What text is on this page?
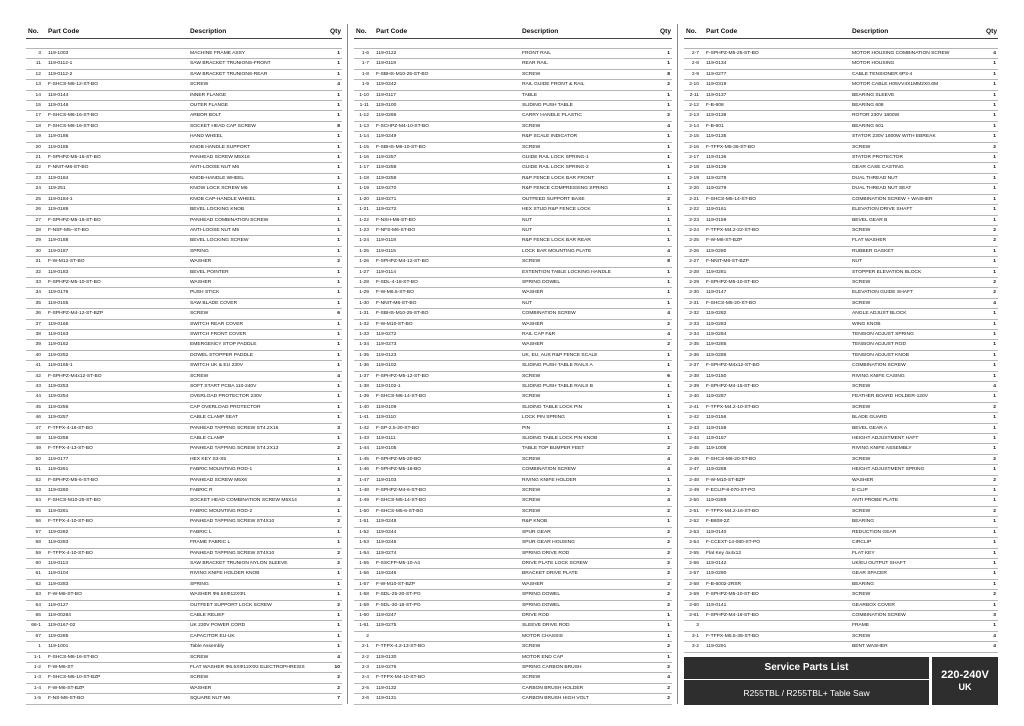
No.	Part Code	Description	Qty

3	119-1003	MACHINE FRAME ASSY	1
11	119-0112-1	SAW BRACKET TRUNIONS-FRONT	1
12	119-0112-2	SAW BRACKET TRUNIONS-REAR	1
13	F-SHCS-M6-12-ST-BO	SCREW	4
14	119-0144	INNER FLANGE	1
15	119-0146	OUTER FLANGE	1
17	F-SHCS-M6-16-ST-BO	ARBOR BOLT	1
18	F-SHCS-M6-16-ST-BO	SOCKET HEAD CAP SCREW	8
19	119-0186	HAND WHEEL	1
20	119-0185	KNOB HANDLE SUPPORT	1
21	F-SPHPZ-M5-16-ST-BO	PANHEAD SCREW M5X16	1
22	F-NNIT-M6-ST-BO	ANTI-LOOSE NUT M6	1
23	119-0184	KNOB-HANDLE WHEEL	1
24	119-251	KNOW LOCK SCREW M6	1
25	119-0184-1	KNOB CAP-HANDLE WHEEL	1
26	119-0189	BEVEL LOCKING KNOB	1
27	F-SPHPZ-M5-16-ST-BO	PANHEAD COMBINATION SCREW	1
28	F-NSF-M5--ST-BO	ANTI-LOOSE NUT M5	1
29	119-0188	BEVEL LOCKING SCREW	1
30	119-0187	SPRING	1
31	F-W-M12-ST-BO	WASHER	2
32	119-0183	BEVEL POINTER	1
33	F-SPHPZ-M5-10-ST-BO	WASHER	1
34	119-0176	PUSH STICK	1
35	119-0155	SAW BLADE COVER	1
36	F-SPHPZ-M4-12-ST-BZP	SCREW	6
37	119-0165	SWITCH REAR COVER	1
38	119-0163	SWITCH FRONT COVER	1
39	119-0162	EMERGENCY STOP PADDLE	1
40	119-0252	DOWEL STOPPER PADDLE	1
41	119-0165-1	SWITCH UK & EU 230V	1
42	F-SPHPZ-M4x12-ST-BO	SCREW	4
43	119-0253	SOFT START PCBA 110-240V	1
44	119-0254	OVERLOAD PROTECTOR 230V	1
45	119-0256	CAP OVERLOAD PROTECTOR	1
46	119-0257	CABLE CLAMP SEAT	1
47	F-TFPX-4-16-ST-BO	PANHEAD TAPPING SCREW ST4.2X16	3
48	119-0258	CABLE CLAMP	1
49	F-TFPX-4-13-ST-BO	PANHEAD TAPPING SCREW ST4.2X13	2
50	119-0177	HEX KEY S3-S5	1
51	119-0261	FABRIC MOUNTING ROD-1	1
52	F-SPHPZ-M5-6-ST-BO	PANHEAD SCREW M5X6	3
53	119-0260	FABRIC R	1
54	F-SHCS-M10-25-ST-BO	SOCKET HEAD COMBINATION SCREW M5X14	4
55	119-0261	FABRIC MOUNTING ROD-2	1
56	F-TFPX-4-10-ST-BO	PANHEAD TAPPING SCREW ST4X10	2
57	119-0282	FABRIC L	1
58	119-0283	FRAME FABRIC L	1
59	F-TFPX-4-10-ST-BO	PANHEAD TAPPING SCREW ST4X10	2
60	119-0113	SAW BRACKET TRUNION NYLON SLEEVE	2
61	119-0104	RIVING KNIFE HOLDER KNOB	1
62	119-0283	SPRING	1
63	F-W-M6-ST-BO	WASHER Φ6.5XΦ12XΦ1	1
64	119-0127	OUTFEET SUPPORT LOCK SCREW	2
65	119-00284	CABLE RELIEF	1
66-1	119-0167-02	UK 230V POWER CORD	1
67	119-0285	CAPACITOR EU-UK	1
1	119-1001	Table Assembly	1
1-1	F-SHCS-M6-16-ST-BO	SCREW	4
1-2	F-W-M6-ST	FLAT WASHER Φ6.5XΦ12XΦ2 ELECTROPHRESIS	10
1-3	F-SHCS-M6-10-ST-BZP	SCREW	2
1-4	F-W-M6-ST-BZP	WASHER	2
1-5	F-NS-M6-ST-BO	SQUARE NUT M6	7
No.	Part Code	Description	Qty

1-6	119-0122	FRONT RAIL	1
1-7	119-0119	REAR RAIL	1
1-8	F-SBHS-M10-25-ST-BO	SCREW	8
1-9	119-0242	RAIL GUIDE FRONT & RAIL	2
1-10	119-0117	TABLE	1
1-11	119-0100	SLIDING PUSH TABLE	1
1-12	119-0266	CARRY HANDLE PLASTIC	2
1-13	F-SCHPZ-M4-10-ST-BO	SCREW	4
1-14	119-0249	R&P SCALE INDICATOR	1
1-15	F-SBHS-M6-10-ST-BO	SCREW	1
1-16	119-0257	GUIDE RAIL LOCK SPRING-1	1
1-17	119-0258	GUIDE RAIL LOCK SPRING-2	1
1-18	119-0259	R&P FENCE LOCK BAR FRONT	1
1-19	119-0270	R&P FENCE COMPRESSING SPRING	1
1-20	119-0271	OUTFEED SUPPORT BASE	2
1-21	119-0272	HEX STUD R&P FENCE LOCK	1
1-22	F-NSH-M6-ST-BO	NUT	1
1-23	F-NFS-M6-ST-BO	NUT	1
1-24	119-0118	R&P FENCE LOCK BAR REAR	1
1-25	119-0115	LOCK BAR MOUNTING PLATE	4
1-26	F-SPHPZ-M4-12-ST-BO	SCREW	8
1-27	119-0114	EXTENTION TABLE LOCKING HANDLE	1
1-28	F-SDL-4-18-ST-BO	SPRING DOWEL	1
1-29	F-W-M6.5-ST-BO	WASHER	1
1-30	F-NNIT-M6-ST-BO	NUT	1
1-31	F-SBHS-M10-25-ST-BO	COMBINATION SCREW	4
1-32	F-W-M10-ST-BO	WASHER	2
1-33	119-0272	RAIL CAP F&R	4
1-34	119-0273	WASHER	2
1-35	119-0123	UK, EU, AUS R&P FENCE SCALE	1
1-36	119-0102	SLIDING PUSH TABLE RAILS A	1
1-37	F-SPHPZ-M5-12-ST-BO	SCREW	6
1-38	119-0102-1	SLIDING PUSH TABLE RAILS B	1
1-39	F-SHCS-M6-14-ST-BO	SCREW	1
1-40	119-0109	SLIDING TABLE LOCK PIN	1
1-41	119-0110	LOCK PIN SPRING	1
1-42	F-SP-2.5-20-ST-BO	PIN	1
1-43	119-0111	SLIDING TABLE LOCK PIN KNOB	1
1-44	119-0105	TABLE TOP BUMPER FEET	2
1-45	F-SPHPZ-M5-20-BO	SCREW	4
1-46	F-SPHPZ-M5-16-BO	COMBINATION SCREW	4
1-47	119-0103	RIVING KNIFE HOLDER	1
1-48	F-SPHPZ-M4-6-ST-BO	SCREW	2
1-49	F-SHCS-M5-14-ST-BO	SCREW	4
1-50	F-SHCS-M5-6-ST-BO	SCREW	2
1-51	119-0248	R&P KNOB	1
1-52	119-0244	SPUR GEAR	2
1-53	119-0245	SPUR GEAR HOUSING	2
1-54	119-0274	SPRING DRIVE ROD	2
1-55	F-SSCFP-M5-10-A4	DRIVE PLATE LOCK SCREW	2
1-56	119-0246	BRACKET DRIVE PLATE	2
1-57	F-W-M10-ST-BZP	WASHER	2
1-58	F-SDL-25-20-ST-PO	SPRING DOWEL	2
1-59	F-SDL-30-18-ST-PO	SPRING DOWEL	2
1-60	119-0247	DRIVE ROD	1
1-61	119-0275	SLEEVE DRIVE ROD	1
2		MOTOR CHASSIS	1
2-1	F-TFPX-4.2-13-ST-BO	SCREW	2
2-2	119-0130	MOTOR END CAP	1
2-3	119-0276	SPRING CARBON BRUSH	2
2-4	F-TFPX-M4-10-ST-BO	SCREW	4
2-5	119-0132	CARBON BRUSH HOLDER	2
2-6	119-0131	CARBON BRUSH HIGH VOLT	2
No.	Part Code	Description	Qty

2-7	F-SPHPZ-M5-25-ST-BO	MOTOR HOUSING COMBINATION SCREW	4
2-8	119-0134	MOTOR HOUSING	1
2-9	119-0277	CABLE TENSIONER 6P3-4	1
2-10	119-0319	MOTOR CABLE H05VV4X1MM2X0.6M	1
2-11	119-0137	BEARING SLEEVE	1
2-12	F-B-608	BEARING 608	1
2-13	119-0138	ROTOR 230V 1800W	1
2-14	F-B-601	BEARING 601	1
2-15	119-0135	STATOR 230V 1800W WITH EBREAK	1
2-16	F-TFPX-M5-36-ST-BO	SCREW	2
2-17	119-0136	STATOR PROTECTOR	1
2-18	119-0139	GEAR CASE CASTING	1
2-19	119-0278	DUAL THREAD NUT	1
2-20	119-0279	DUAL THREAD NUT SEAT	1
2-21	F-SHCS-M5-14-ST-BO	COMBINATION SCREW + WASHER	1
2-22	119-0161	ELEVATION DRIVE SHAFT	1
2-23	119-0159	BEVEL GEAR B	1
2-24	F-TFPX-M4.2-22-ST-BO	SCREW	2
2-25	F-W-M6-ST-BZP	FLAT WASHER	2
2-26	119-0280	RUBBER GASKET	1
2-27	F-NNIT-M6-ST-BZP	NUT	1
2-28	119-0281	STOPPER ELEVATION BLOCK	1
2-29	F-SPHPZ-M5-10-ST-BO	SCREW	2
2-30	119-0147	ELEVATION GUIDE SHAFT	2
2-31	F-SHCS-M5-20-ST-BO	SCREW	4
2-32	119-0282	ANGLE ADJUST BLOCK	1
2-33	119-0283	WING KNOB	1
2-34	119-0284	TENSION ADJUST SPRING	1
2-35	119-0285	TENSION ADJUST ROD	1
2-36	119-0286	TENSION ADJUST KNOB	1
2-37	F-SPHPZ-M4x12-ST-BO	COMBINATION SCREW	1
2-38	119-0150	RIVING KNIFE CASING	1
2-39	F-SPHPZ-M4-15-ST-BO	SCREW	4
2-40	119-0287	FEATHER BOARD HOLDER-120V	1
2-41	F-TFPX-M4.2-10-ST-BO	SCREW	2
2-42	119-0156	BLADE GUARD	1
2-43	119-0158	BEVEL GEAR A	1
2-44	119-0157	HEIGHT ADJUSTMENT HAFT	1
2-45	119-1008	RIVING KNIFE ASSEMBLY	1
2-46	F-SHCS-M6-20-ST-BO	SCREW	2
2-47	119-0288	HEIGHT ADJUSTMENT SPRING	1
2-48	F-W-M10-ST-BZP	WASHER	2
2-49	F-ECLIP-8-070-ST-PO	E-CLIP	1
2-50	119-0289	ANTI PROBE PLATE	1
2-51	F-TFPX-M4.2-16-ST-BO	SCREW	2
2-52	F-B608-2Z	BEARING	1
2-53	119-0140	REDUCTION GEAR	1
2-54	F-CCEXT-14-080-ST-PO	CIRCLIP	1
2-55	Flat Key 4x4x12	FLAT KEY	1
2-56	119-0142	UK/EU OUTPUT SHAFT	1
2-57	119-0290	GEAR SPACER	1
2-58	F-B-6002-2RSR	BEARING	1
2-59	F-SPHPZ-M5-10-ST-BO	SCREW	2
2-60	119-0141	GEARBOX COVER	1
2-61	F-SPHPZ-M4-16-ST-BO	COMBINATION SCREW	3
3		FRAME	1
3-1	F-TFPX-M5.5-38-ST-BO	SCREW	4
3-2	119-0291	BENT WASHER	4
Service Parts List
R255TBL / R255TBL+ Table Saw
220-240V
UK
